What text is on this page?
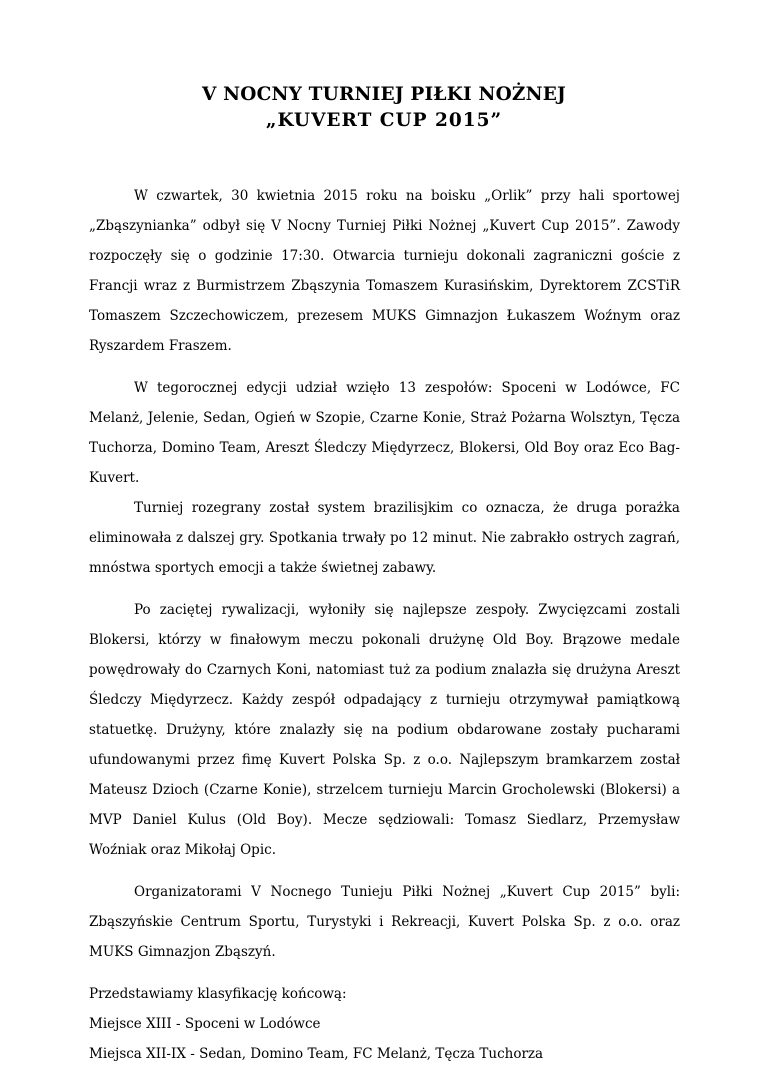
V NOCNY TURNIEJ PIŁKI NOŻNEJ
„KUVERT CUP 2015”

W czwartek, 30 kwietnia 2015 roku na boisku „Orlik” przy hali sportowej „Zbąszynianka” odbył się V Nocny Turniej Piłki Nożnej „Kuvert Cup 2015”. Zawody rozpoczęły się o godzinie 17:30. Otwarcia turnieju dokonali zagraniczni goście z Francji wraz z Burmistrzem Zbąszynia Tomaszem Kurasińskim, Dyrektorem ZCSTiR Tomaszem Szczechowiczem, prezesem MUKS Gimnazjon Łukaszem Woźnym oraz Ryszardem Fraszem.

W tegorocznej edycji udział wzięło 13 zespołów: Spoceni w Lodówce, FC Melanż, Jelenie, Sedan, Ogień w Szopie, Czarne Konie, Straż Pożarna Wolsztyn, Tęcza Tuchorza, Domino Team, Areszt Śledczy Międyrzecz, Blokersi, Old Boy oraz Eco Bag-Kuvert.

Turniej rozegrany został system brazilisjkim co oznacza, że druga porażka eliminowała z dalszej gry. Spotkania trwały po 12 minut. Nie zabrakło ostrych zagrań, mnóstwa sportych emocji a także świetnej zabawy.

Po zaciętej rywalizacji, wyłoniły się najlepsze zespoły. Zwycięzcami zostali Blokersi, którzy w finałowym meczu pokonali drużynę Old Boy. Brązowe medale powędrowały do Czarnych Koni, natomiast tuż za podium znalazła się drużyna Areszt Śledczy Międyrzecz. Każdy zespół odpadający z turnieju otrzymywał pamiątkową statuetkę. Drużyny, które znalazły się na podium obdarowane zostały pucharami ufundowanymi przez fimę Kuvert Polska Sp. z o.o. Najlepszym bramkarzem został Mateusz Dzioch (Czarne Konie), strzelcem turnieju Marcin Grocholewski (Blokersi) a MVP Daniel Kulus (Old Boy). Mecze sędziowali: Tomasz Siedlarz, Przemysław Woźniak oraz Mikołaj Opic.

Organizatorami V Nocnego Tunieju Piłki Nożnej „Kuvert Cup 2015” byli: Zbąszyńskie Centrum Sportu, Turystyki i Rekreacji, Kuvert Polska Sp. z o.o. oraz MUKS Gimnazjon Zbąszyń.

Przedstawiamy klasyfikację końcową:

Miejsce XIII - Spoceni w Lodówce
Miejsca XII-IX - Sedan, Domino Team, FC Melanż, Tęcza Tuchorza
